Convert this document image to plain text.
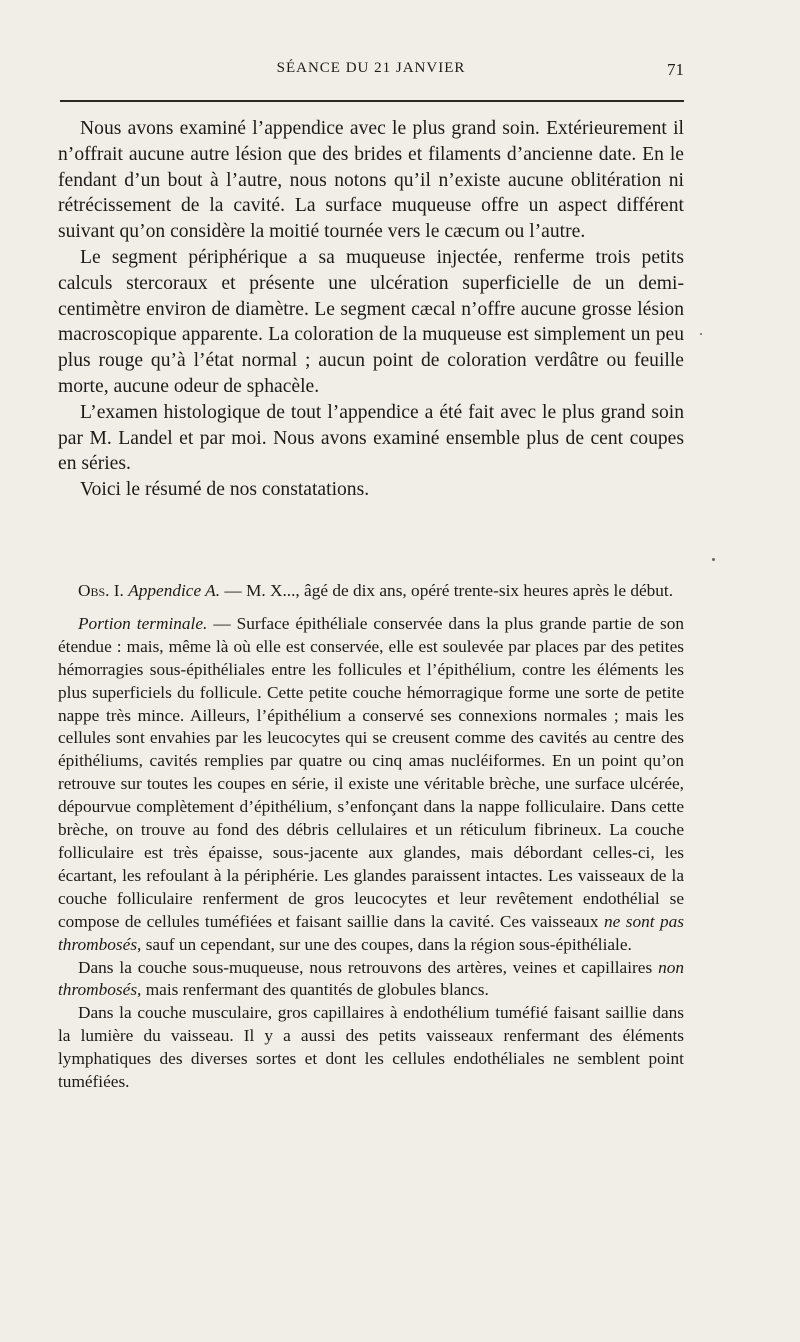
SÉANCE DU 21 JANVIER	71

Nous avons examiné l’appendice avec le plus grand soin. Extérieurement il n’offrait aucune autre lésion que des brides et filaments d’ancienne date. En le fendant d’un bout à l’autre, nous notons qu’il n’existe aucune oblitération ni rétrécissement de la cavité. La surface muqueuse offre un aspect différent suivant qu’on considère la moitié tournée vers le cæcum ou l’autre.

Le segment périphérique a sa muqueuse injectée, renferme trois petits calculs stercoraux et présente une ulcération superficielle de un demi-centimètre environ de diamètre. Le segment cæcal n’offre aucune grosse lésion macroscopique apparente. La coloration de la muqueuse est simplement un peu plus rouge qu’à l’état normal ; aucun point de coloration verdâtre ou feuille morte, aucune odeur de sphacèle.

L’examen histologique de tout l’appendice a été fait avec le plus grand soin par M. Landel et par moi. Nous avons examiné ensemble plus de cent coupes en séries.

Voici le résumé de nos constatations.

Obs. I. Appendice A. — M. X..., âgé de dix ans, opéré trente-six heures après le début.

Portion terminale. — Surface épithéliale conservée dans la plus grande partie de son étendue : mais, même là où elle est conservée, elle est soulevée par places par des petites hémorragies sous-épithéliales entre les follicules et l’épithélium, contre les éléments les plus superficiels du follicule. Cette petite couche hémorragique forme une sorte de petite nappe très mince. Ailleurs, l’épithélium a conservé ses connexions normales ; mais les cellules sont envahies par les leucocytes qui se creusent comme des cavités au centre des épithéliums, cavités remplies par quatre ou cinq amas nucléiformes. En un point qu’on retrouve sur toutes les coupes en série, il existe une véritable brèche, une surface ulcérée, dépourvue complètement d’épithélium, s’enfonçant dans la nappe folliculaire. Dans cette brèche, on trouve au fond des débris cellulaires et un réticulum fibrineux. La couche folliculaire est très épaisse, sous-jacente aux glandes, mais débordant celles-ci, les écartant, les refoulant à la périphérie. Les glandes paraissent intactes. Les vaisseaux de la couche folliculaire renferment de gros leucocytes et leur revêtement endothélial se compose de cellules tuméfiées et faisant saillie dans la cavité. Ces vaisseaux ne sont pas thrombosés, sauf un cependant, sur une des coupes, dans la région sous-épithéliale.

Dans la couche sous-muqueuse, nous retrouvons des artères, veines et capillaires non thrombosés, mais renfermant des quantités de globules blancs.

Dans la couche musculaire, gros capillaires à endothélium tuméfié faisant saillie dans la lumière du vaisseau. Il y a aussi des petits vaisseaux renfermant des éléments lymphatiques des diverses sortes et dont les cellules endothéliales ne semblent point tuméfiées.
